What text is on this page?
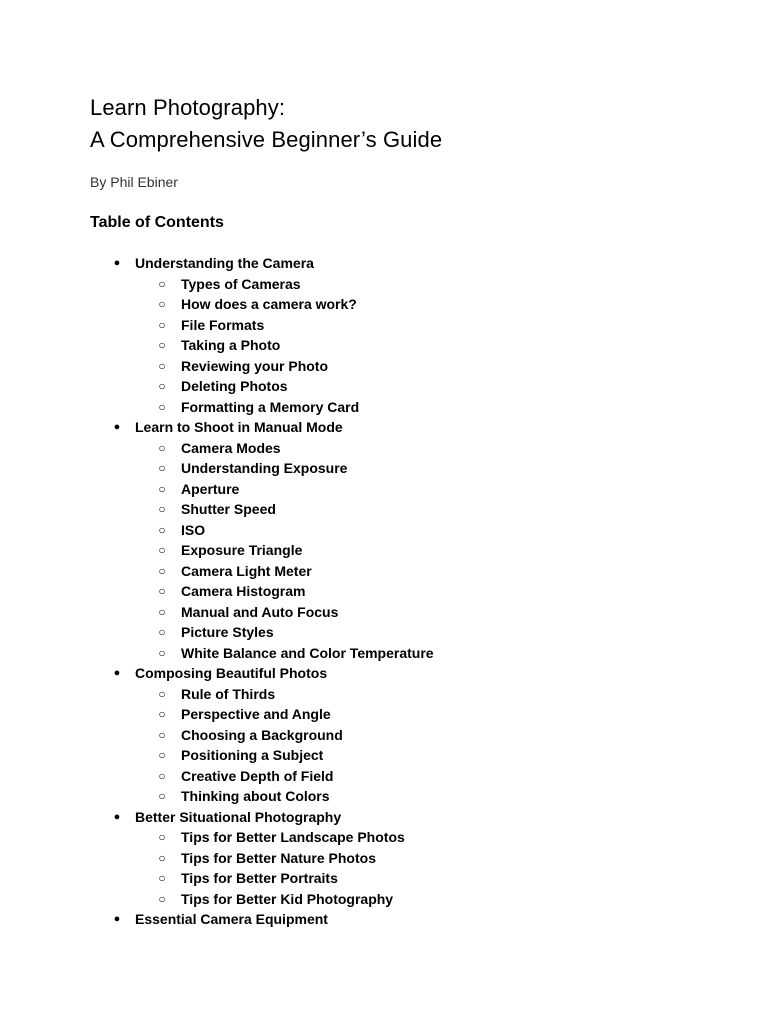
Learn Photography:
A Comprehensive Beginner’s Guide

By Phil Ebiner

Table of Contents
● Understanding the Camera
○ Types of Cameras
○ How does a camera work?
○ File Formats
○ Taking a Photo
○ Reviewing your Photo
○ Deleting Photos
○ Formatting a Memory Card
● Learn to Shoot in Manual Mode
○ Camera Modes
○ Understanding Exposure
○ Aperture
○ Shutter Speed
○ ISO
○ Exposure Triangle
○ Camera Light Meter
○ Camera Histogram
○ Manual and Auto Focus
○ Picture Styles
○ White Balance and Color Temperature
● Composing Beautiful Photos
○ Rule of Thirds
○ Perspective and Angle
○ Choosing a Background
○ Positioning a Subject
○ Creative Depth of Field
○ Thinking about Colors
● Better Situational Photography
○ Tips for Better Landscape Photos
○ Tips for Better Nature Photos
○ Tips for Better Portraits
○ Tips for Better Kid Photography
● Essential Camera Equipment
